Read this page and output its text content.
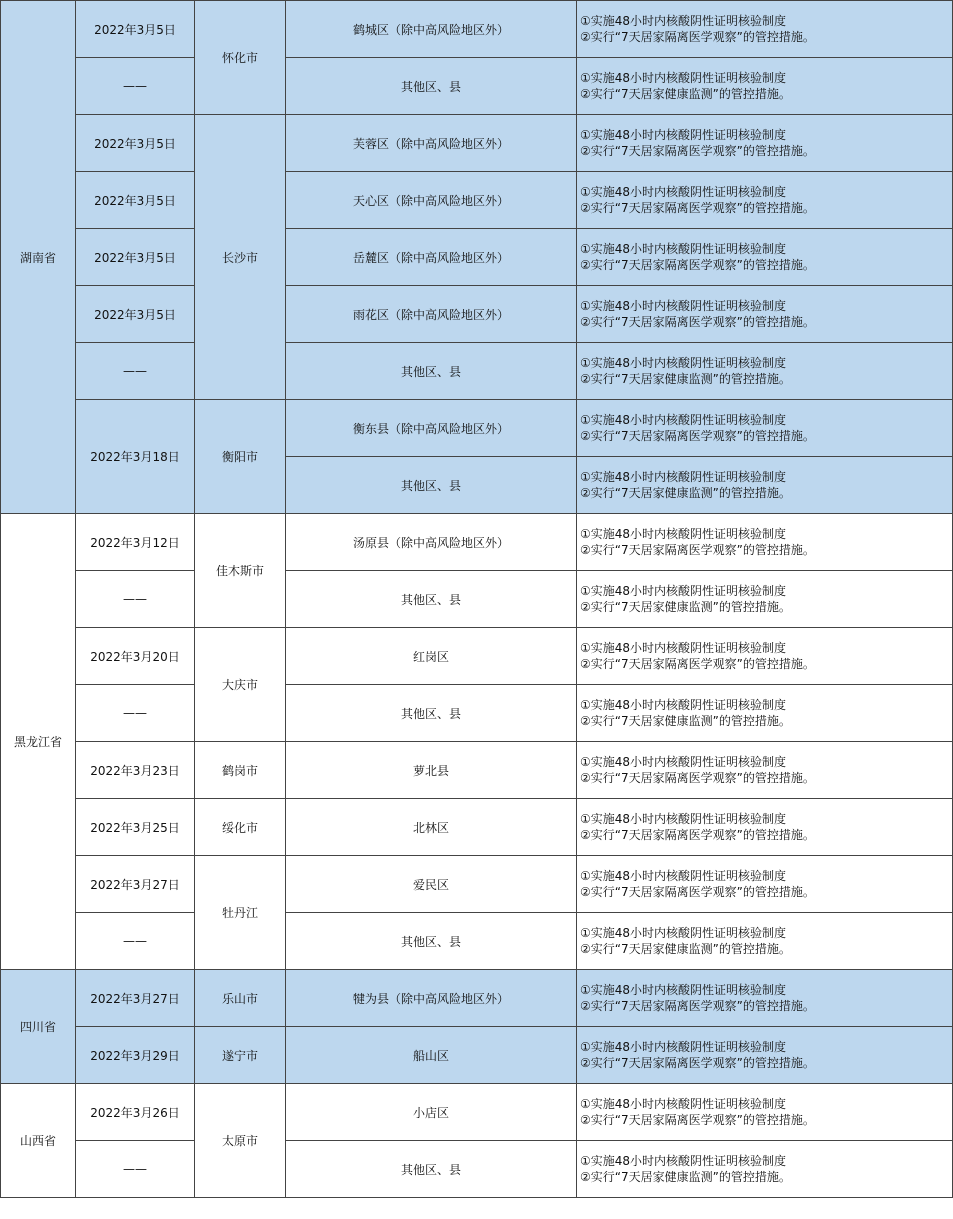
湖南省	2022年3月5日	怀化市	鹤城区（除中高风险地区外）	①实施48小时内核酸阴性证明核验制度
②实行“7天居家隔离医学观察”的管控措施。

	——		其他区、县	①实施48小时内核酸阴性证明核验制度
②实行“7天居家健康监测”的管控措施。

	2022年3月5日	长沙市	芙蓉区（除中高风险地区外）	①实施48小时内核酸阴性证明核验制度
②实行“7天居家隔离医学观察”的管控措施。

	2022年3月5日		天心区（除中高风险地区外）	①实施48小时内核酸阴性证明核验制度
②实行“7天居家隔离医学观察”的管控措施。

	2022年3月5日		岳麓区（除中高风险地区外）	①实施48小时内核酸阴性证明核验制度
②实行“7天居家隔离医学观察”的管控措施。

	2022年3月5日		雨花区（除中高风险地区外）	①实施48小时内核酸阴性证明核验制度
②实行“7天居家隔离医学观察”的管控措施。

	——		其他区、县	①实施48小时内核酸阴性证明核验制度
②实行“7天居家健康监测”的管控措施。

	2022年3月18日	衡阳市	衡东县（除中高风险地区外）	①实施48小时内核酸阴性证明核验制度
②实行“7天居家隔离医学观察”的管控措施。

			其他区、县	①实施48小时内核酸阴性证明核验制度
②实行“7天居家健康监测”的管控措施。

黑龙江省	2022年3月12日	佳木斯市	汤原县（除中高风险地区外）	①实施48小时内核酸阴性证明核验制度
②实行“7天居家隔离医学观察”的管控措施。

	——		其他区、县	①实施48小时内核酸阴性证明核验制度
②实行“7天居家健康监测”的管控措施。

	2022年3月20日	大庆市	红岗区	①实施48小时内核酸阴性证明核验制度
②实行“7天居家隔离医学观察”的管控措施。

	——		其他区、县	①实施48小时内核酸阴性证明核验制度
②实行“7天居家健康监测”的管控措施。

	2022年3月23日	鹤岗市	萝北县	①实施48小时内核酸阴性证明核验制度
②实行“7天居家隔离医学观察”的管控措施。

	2022年3月25日	绥化市	北林区	①实施48小时内核酸阴性证明核验制度
②实行“7天居家隔离医学观察”的管控措施。

	2022年3月27日	牡丹江	爱民区	①实施48小时内核酸阴性证明核验制度
②实行“7天居家隔离医学观察”的管控措施。

	——		其他区、县	①实施48小时内核酸阴性证明核验制度
②实行“7天居家健康监测”的管控措施。

四川省	2022年3月27日	乐山市	犍为县（除中高风险地区外）	①实施48小时内核酸阴性证明核验制度
②实行“7天居家隔离医学观察”的管控措施。

	2022年3月29日	遂宁市	船山区	①实施48小时内核酸阴性证明核验制度
②实行“7天居家隔离医学观察”的管控措施。

山西省	2022年3月26日	太原市	小店区	①实施48小时内核酸阴性证明核验制度
②实行“7天居家隔离医学观察”的管控措施。

	——		其他区、县	①实施48小时内核酸阴性证明核验制度
②实行“7天居家健康监测”的管控措施。
